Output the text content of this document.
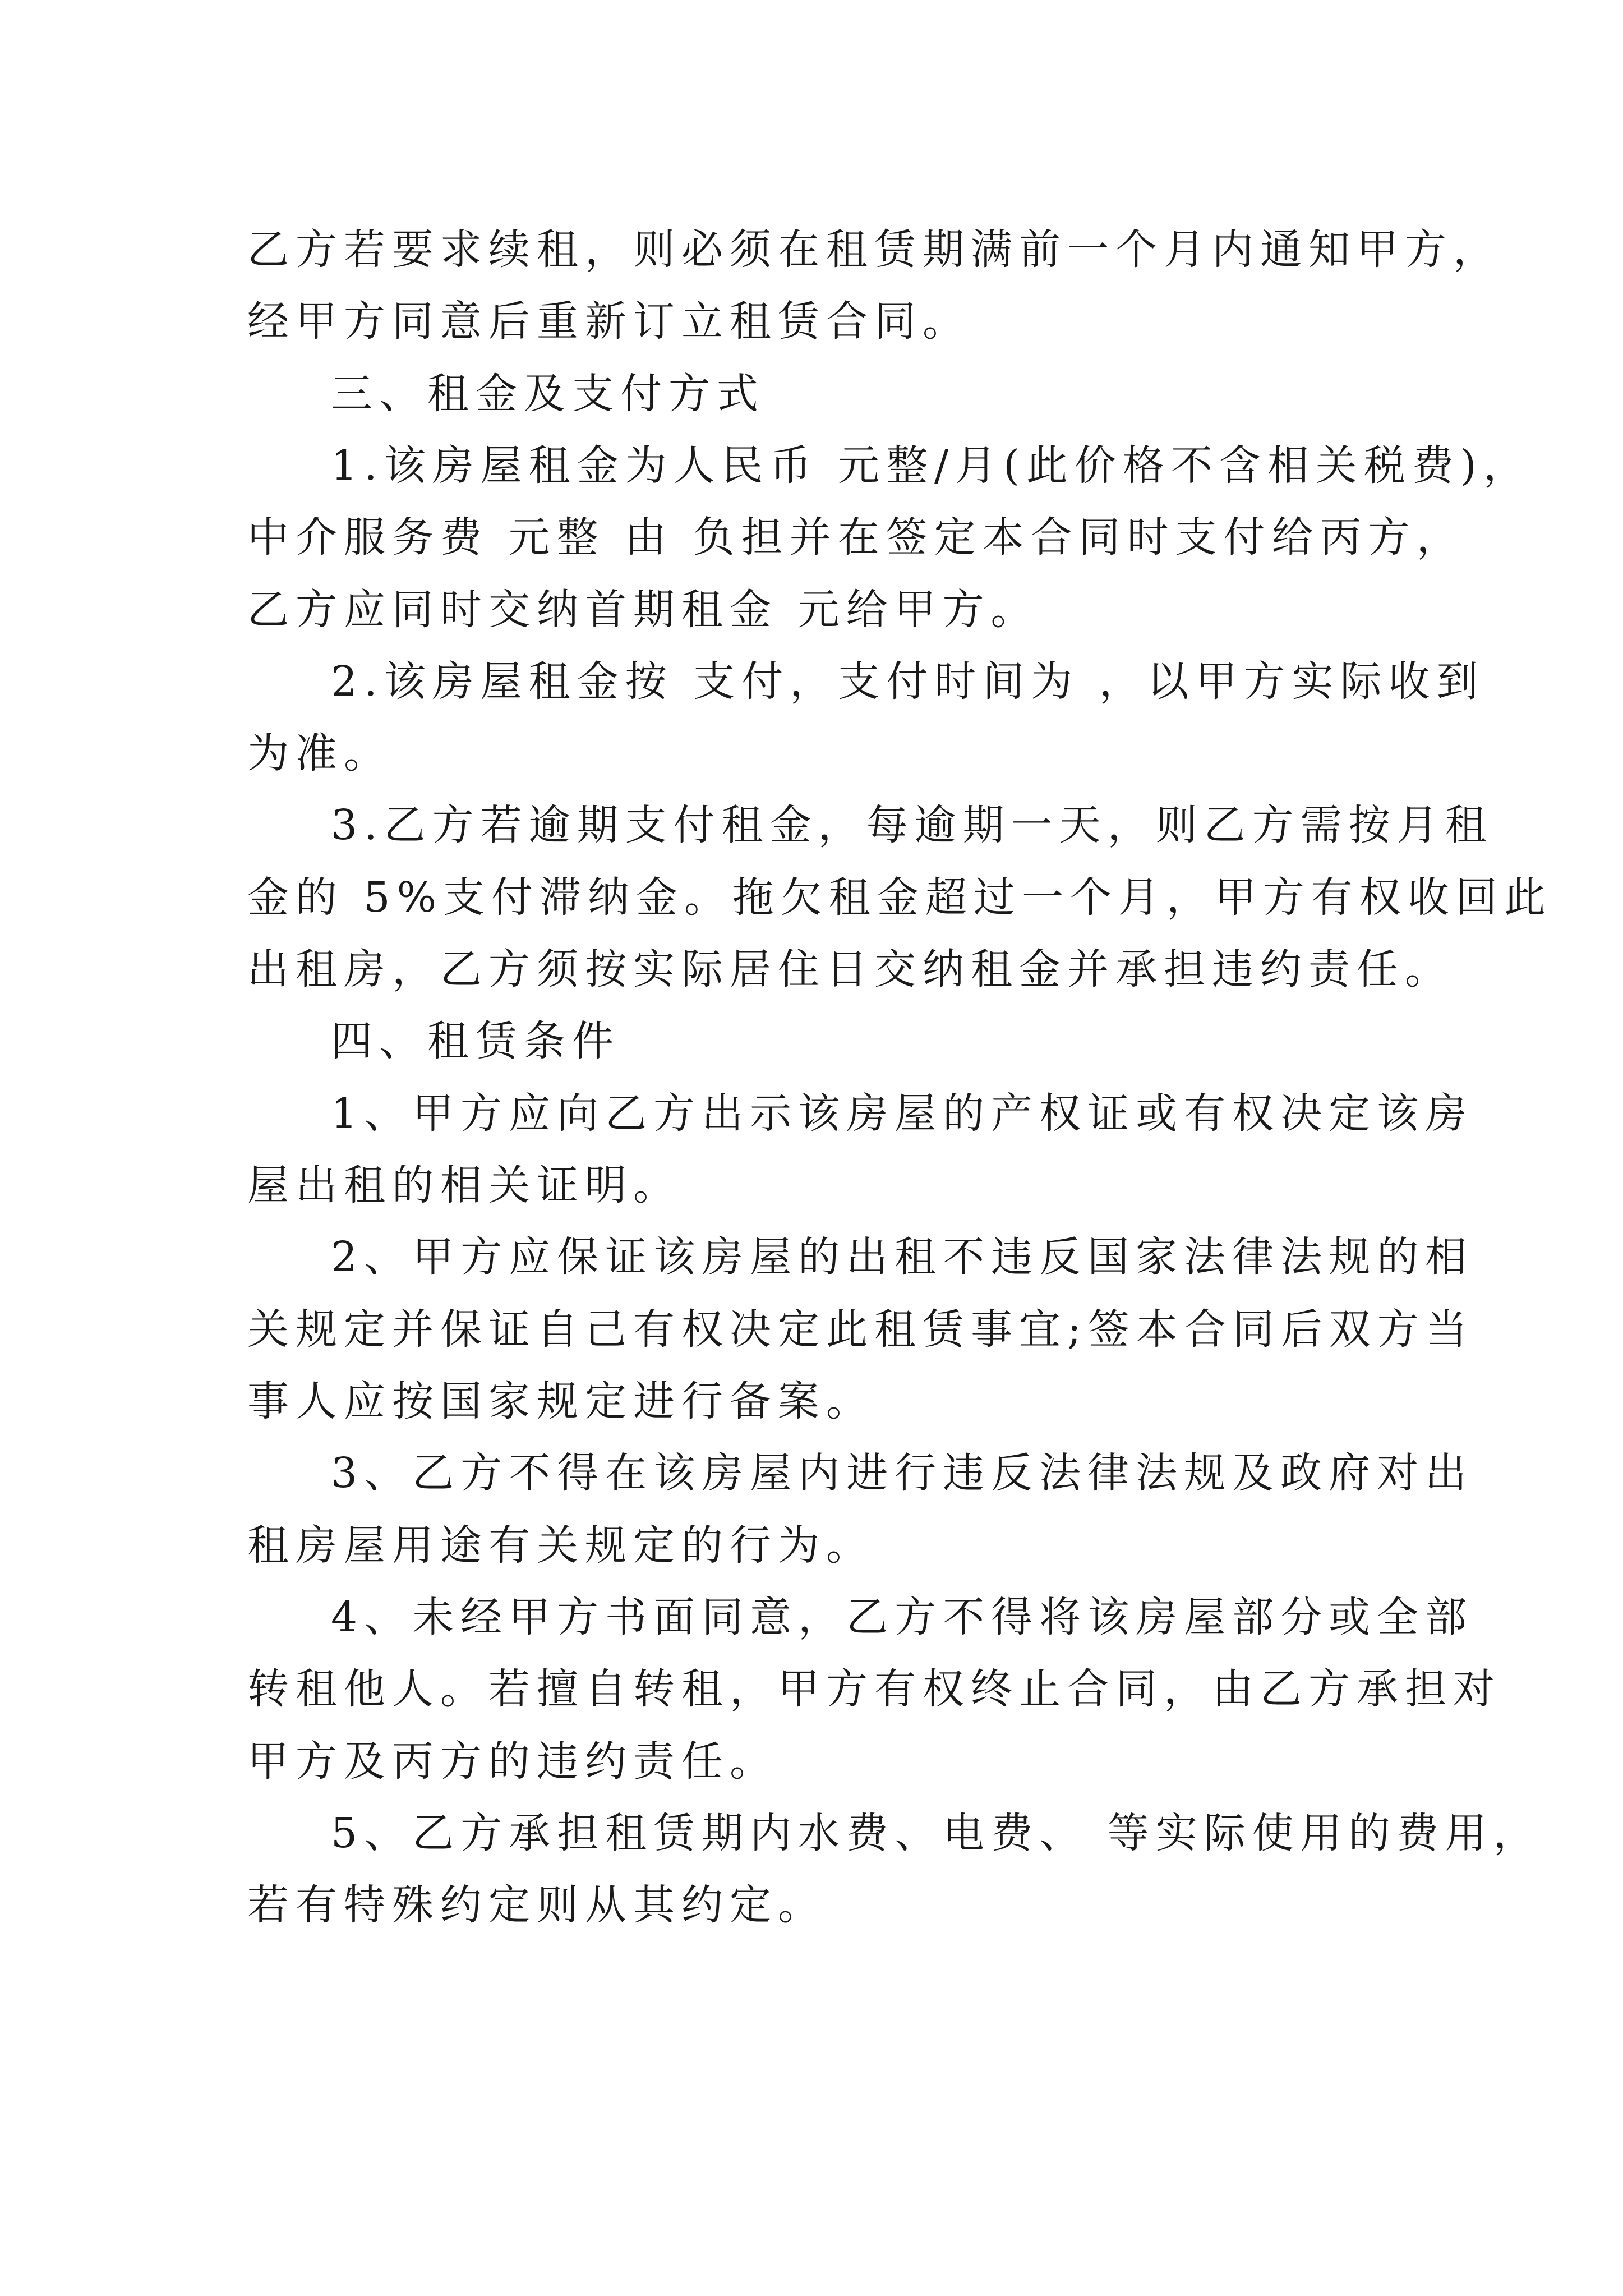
乙方若要求续租，则必须在租赁期满前一个月内通知甲方，

经甲方同意后重新订立租赁合同。

三、租金及支付方式

1.该房屋租金为人民币 元整/月(此价格不含相关税费)，

中介服务费 元整 由 负担并在签定本合同时支付给丙方，

乙方应同时交纳首期租金 元给甲方。

2.该房屋租金按 支付，支付时间为 ，以甲方实际收到

为准。

3.乙方若逾期支付租金，每逾期一天，则乙方需按月租

金的 5%支付滞纳金。拖欠租金超过一个月，甲方有权收回此

出租房，乙方须按实际居住日交纳租金并承担违约责任。

四、租赁条件

1、甲方应向乙方出示该房屋的产权证或有权决定该房

屋出租的相关证明。

2、甲方应保证该房屋的出租不违反国家法律法规的相

关规定并保证自己有权决定此租赁事宜;签本合同后双方当

事人应按国家规定进行备案。

3、乙方不得在该房屋内进行违反法律法规及政府对出

租房屋用途有关规定的行为。

4、未经甲方书面同意，乙方不得将该房屋部分或全部

转租他人。若擅自转租，甲方有权终止合同，由乙方承担对

甲方及丙方的违约责任。

5、乙方承担租赁期内水费、电费、 等实际使用的费用，

若有特殊约定则从其约定。
